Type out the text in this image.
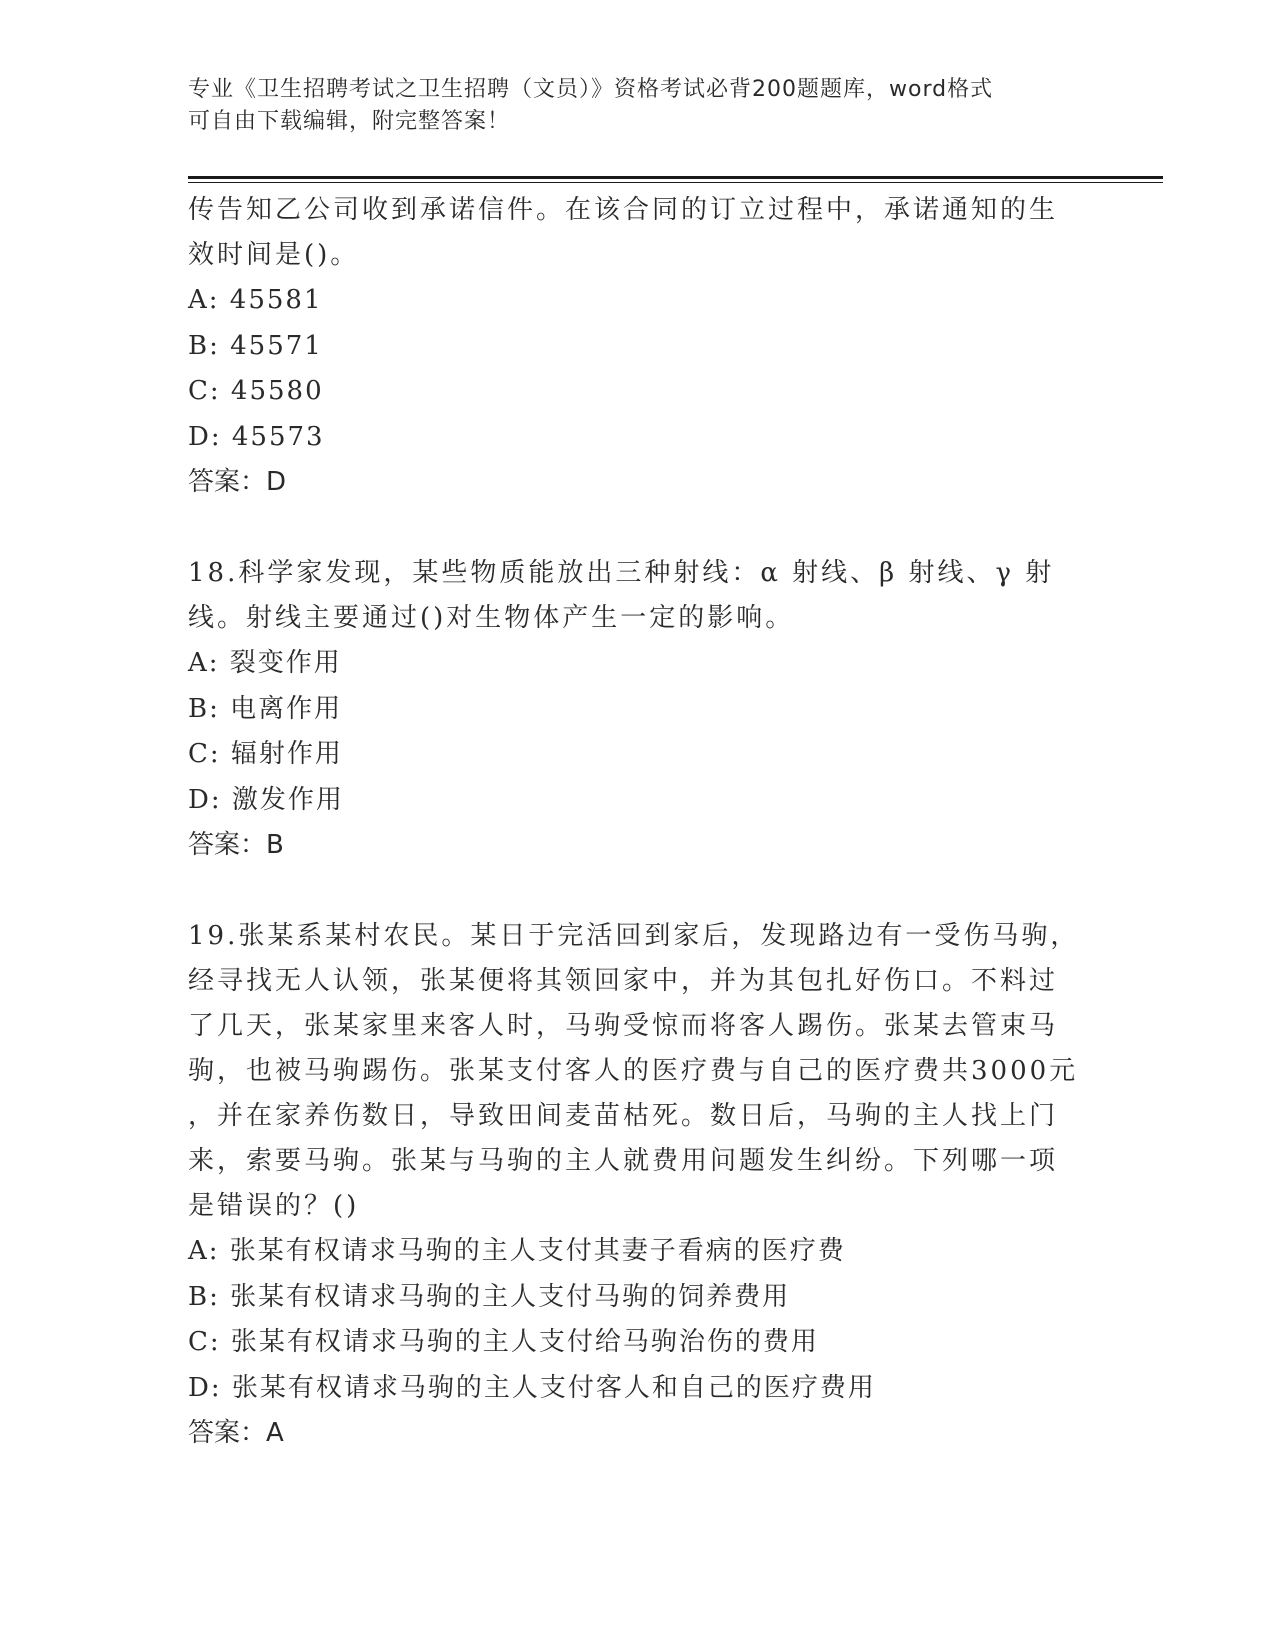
专业《卫生招聘考试之卫生招聘（文员）》资格考试必背200题题库，word格式
可自由下载编辑，附完整答案！

传告知乙公司收到承诺信件。在该合同的订立过程中，承诺通知的生

效时间是()。

A: 45581

B: 45571

C: 45580

D: 45573

答案：D

18.科学家发现，某些物质能放出三种射线：α 射线、β 射线、γ 射

线。射线主要通过()对生物体产生一定的影响。

A: 裂变作用

B: 电离作用

C: 辐射作用

D: 激发作用

答案：B

19.张某系某村农民。某日于完活回到家后，发现路边有一受伤马驹，

经寻找无人认领，张某便将其领回家中，并为其包扎好伤口。不料过

了几天，张某家里来客人时，马驹受惊而将客人踢伤。张某去管束马

驹，也被马驹踢伤。张某支付客人的医疗费与自己的医疗费共3000元

，并在家养伤数日，导致田间麦苗枯死。数日后，马驹的主人找上门

来，索要马驹。张某与马驹的主人就费用问题发生纠纷。下列哪一项

是错误的？()

A: 张某有权请求马驹的主人支付其妻子看病的医疗费

B: 张某有权请求马驹的主人支付马驹的饲养费用

C: 张某有权请求马驹的主人支付给马驹治伤的费用

D: 张某有权请求马驹的主人支付客人和自己的医疗费用

答案：A
